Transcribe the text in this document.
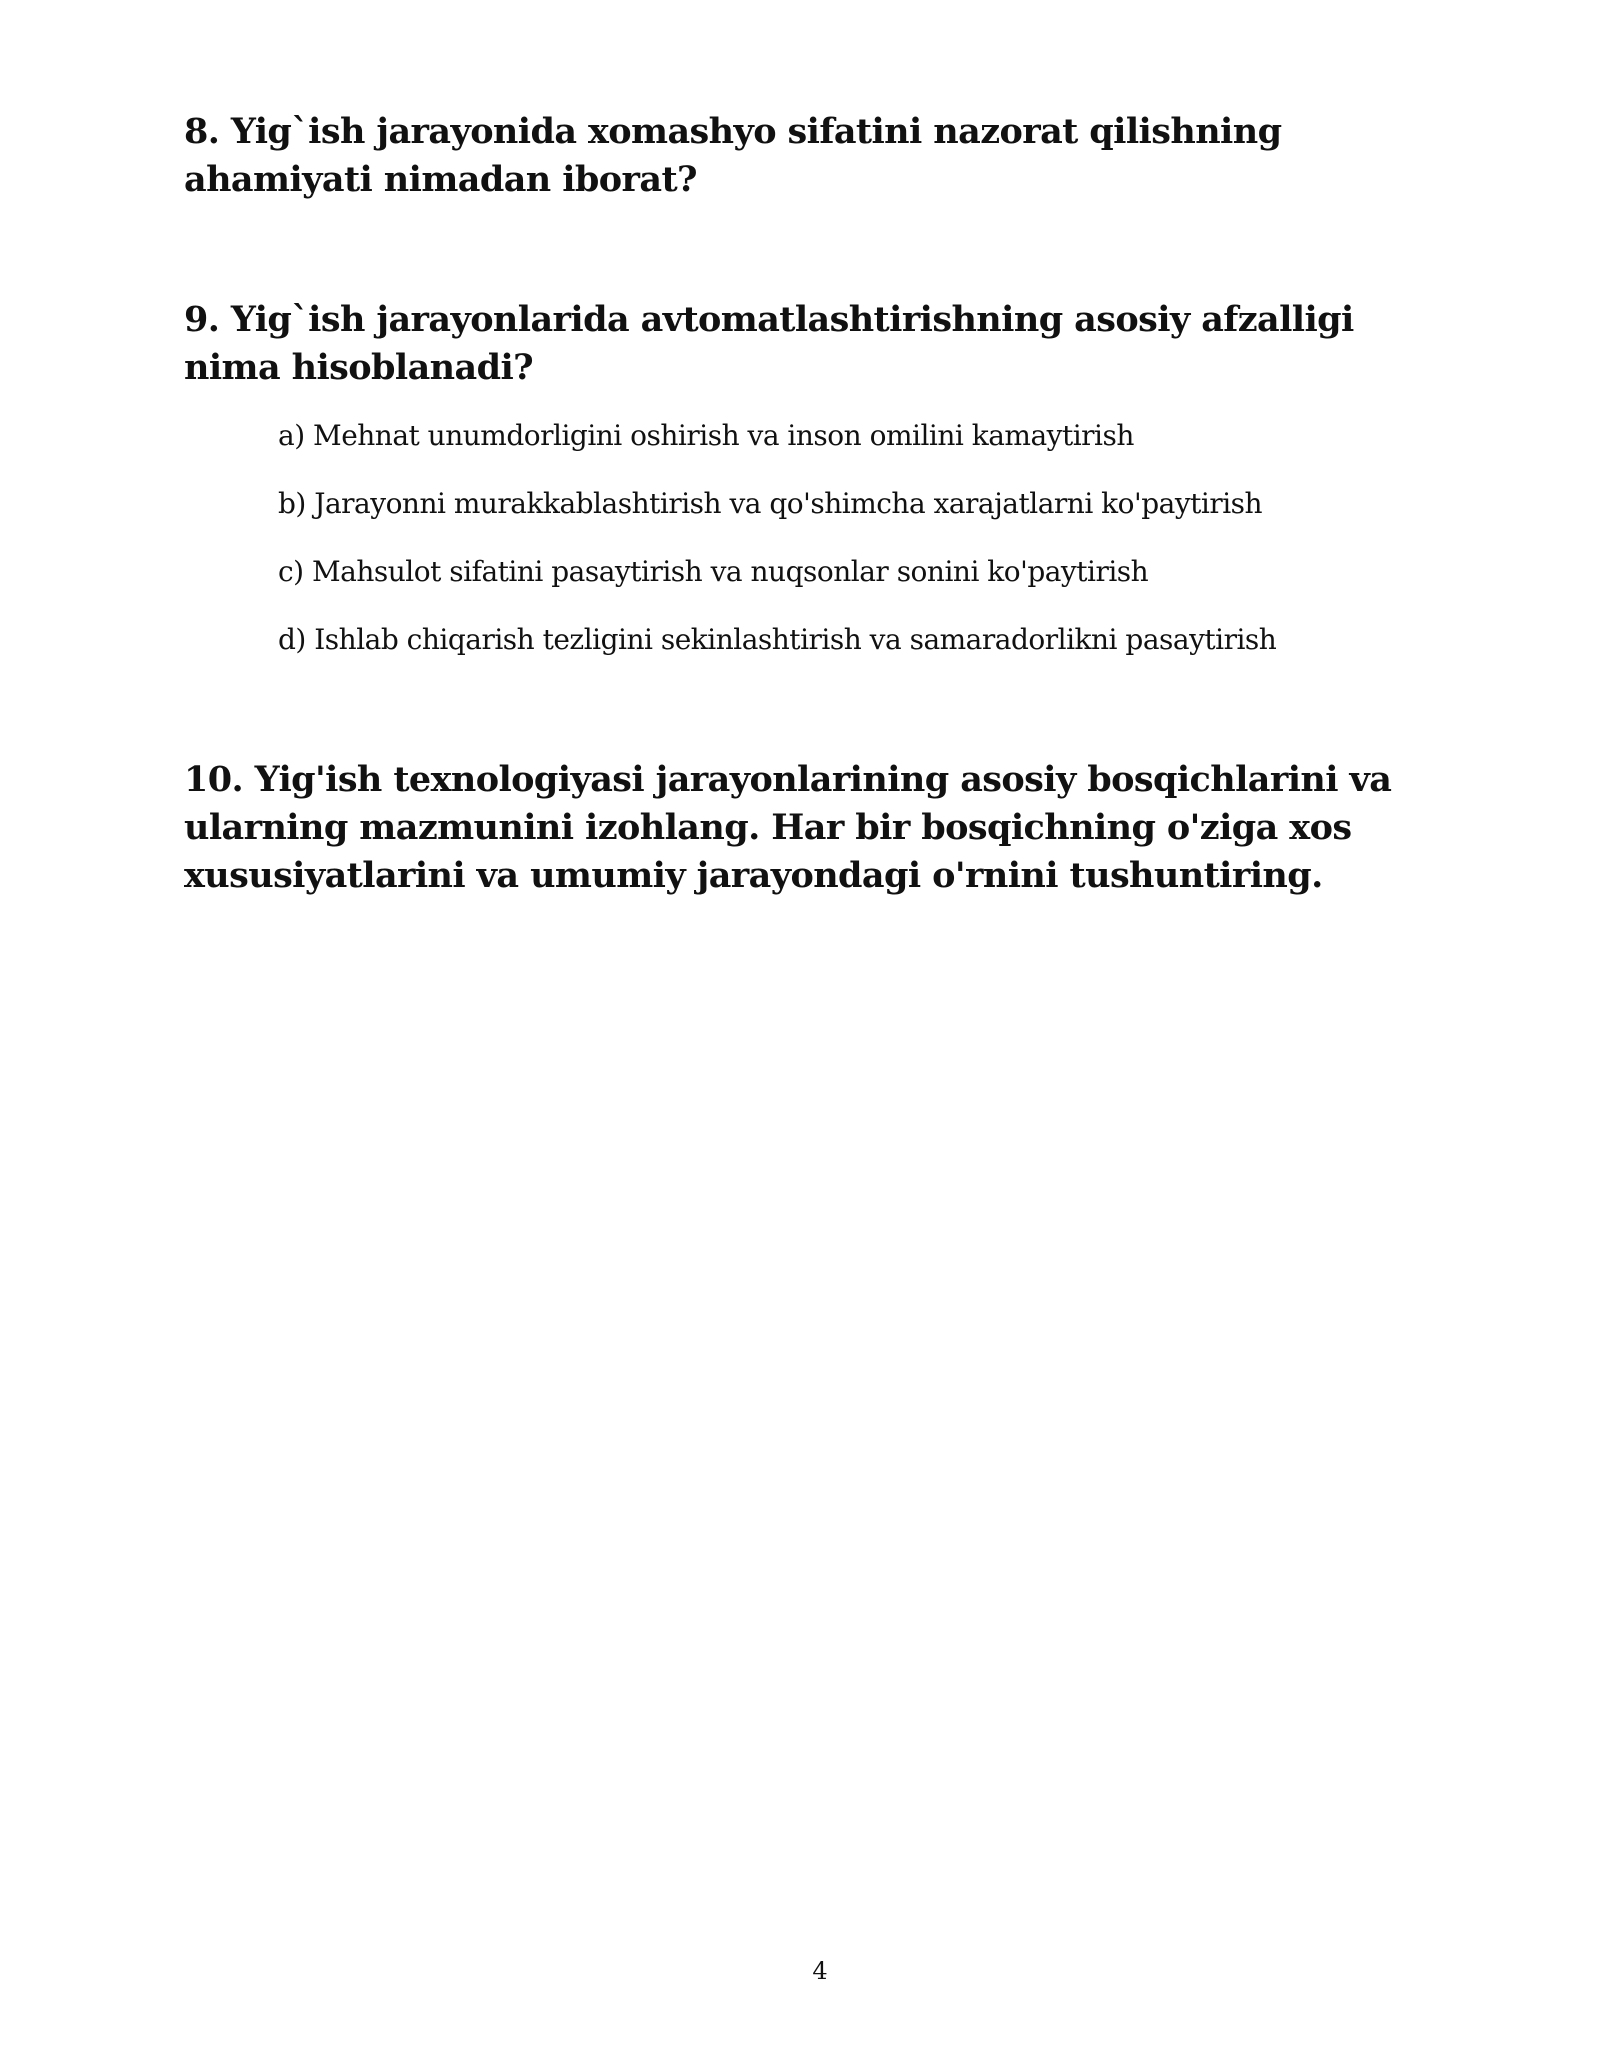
8. Yig`ish jarayonida xomashyo sifatini nazorat qilishning ahamiyati nimadan iborat?

9. Yig`ish jarayonlarida avtomatlashtirishning asosiy afzalligi nima hisoblanadi?

a) Mehnat unumdorligini oshirish va inson omilini kamaytirish
b) Jarayonni murakkablashtirish va qo'shimcha xarajatlarni ko'paytirish
c) Mahsulot sifatini pasaytirish va nuqsonlar sonini ko'paytirish
d) Ishlab chiqarish tezligini sekinlashtirish va samaradorlikni pasaytirish

10. Yig'ish texnologiyasi jarayonlarining asosiy bosqichlarini va ularning mazmunini izohlang. Har bir bosqichning o'ziga xos xususiyatlarini va umumiy jarayondagi o'rnini tushuntiring.

4
